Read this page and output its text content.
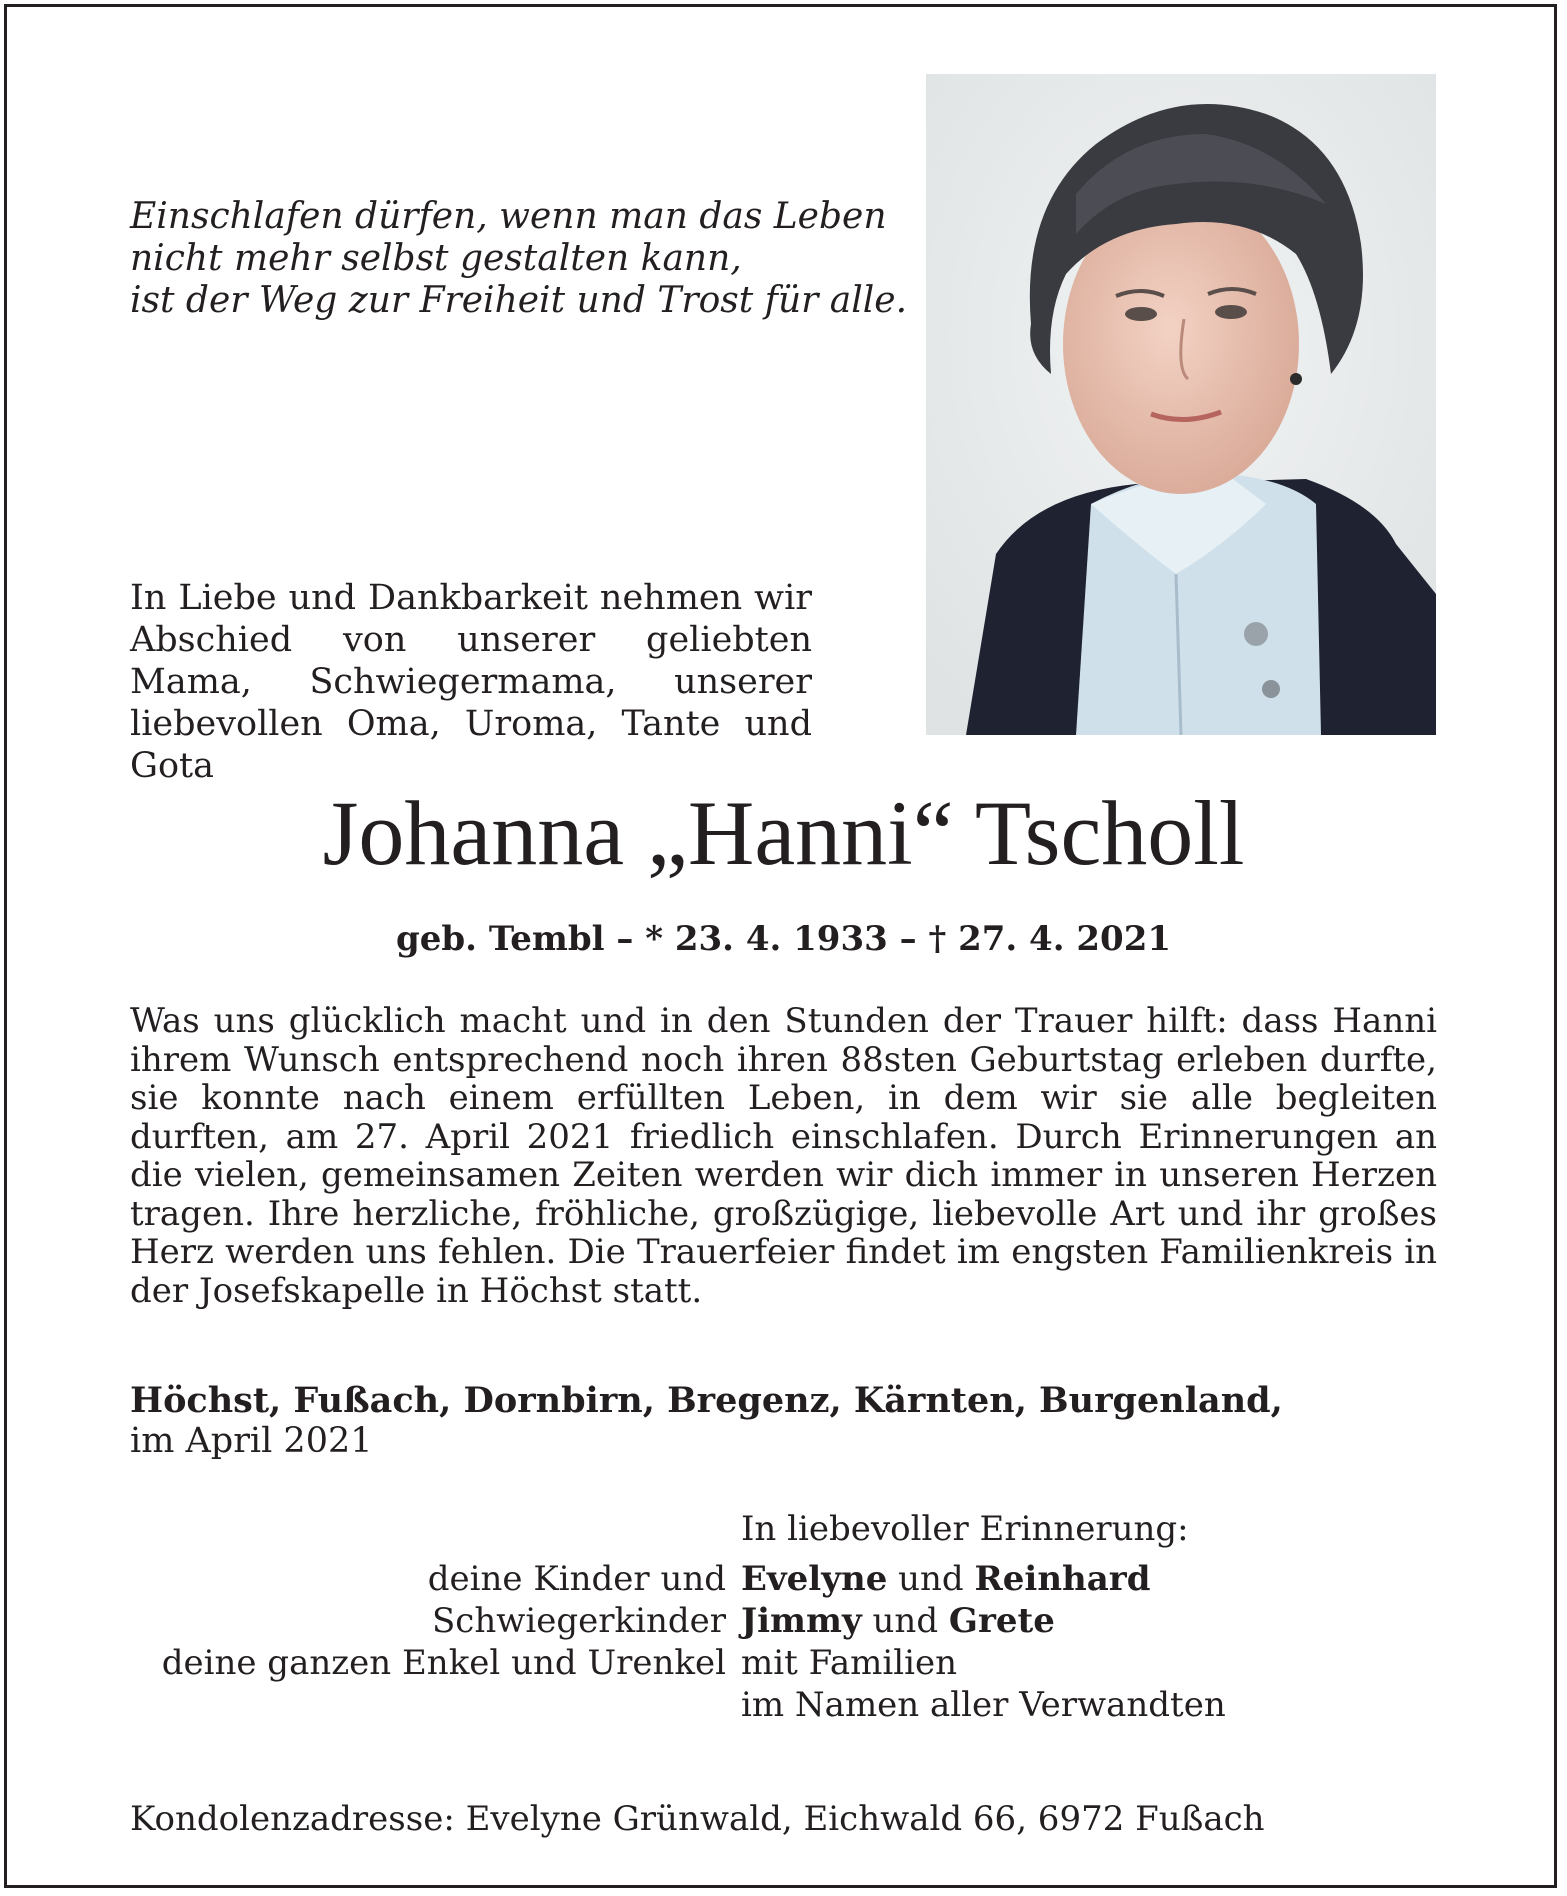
Einschlafen dürfen, wenn man das Leben
nicht mehr selbst gestalten kann,
ist der Weg zur Freiheit und Trost für alle.
In Liebe und Dankbarkeit nehmen wir Abschied von unserer geliebten Mama, Schwiegermama, unserer liebevollen Oma, Uroma, Tante und Gota
Johanna „Hanni“ Tscholl
geb. Tembl – * 23. 4. 1933 – † 27. 4. 2021
Was uns glücklich macht und in den Stunden der Trauer hilft: dass Hanni ihrem Wunsch entsprechend noch ihren 88sten Geburtstag erleben durfte, sie konnte nach einem erfüllten Leben, in dem wir sie alle begleiten durften, am 27. April 2021 friedlich einschlafen. Durch Erinnerungen an die vielen, gemeinsamen Zeiten werden wir dich immer in unseren Herzen tragen. Ihre herzliche, fröhliche, großzügige, liebevolle Art und ihr großes Herz werden uns fehlen. Die Trauerfeier findet im engsten Familienkreis in der Josefskapelle in Höchst statt.
Höchst, Fußach, Dornbirn, Bregenz, Kärnten, Burgenland,
im April 2021
In liebevoller Erinnerung:
deine Kinder und
Schwiegerkinder
deine ganzen Enkel und Urenkel

Evelyne und Reinhard
Jimmy und Grete
mit Familien
im Namen aller Verwandten
Kondolenzadresse: Evelyne Grünwald, Eichwald 66, 6972 Fußach
